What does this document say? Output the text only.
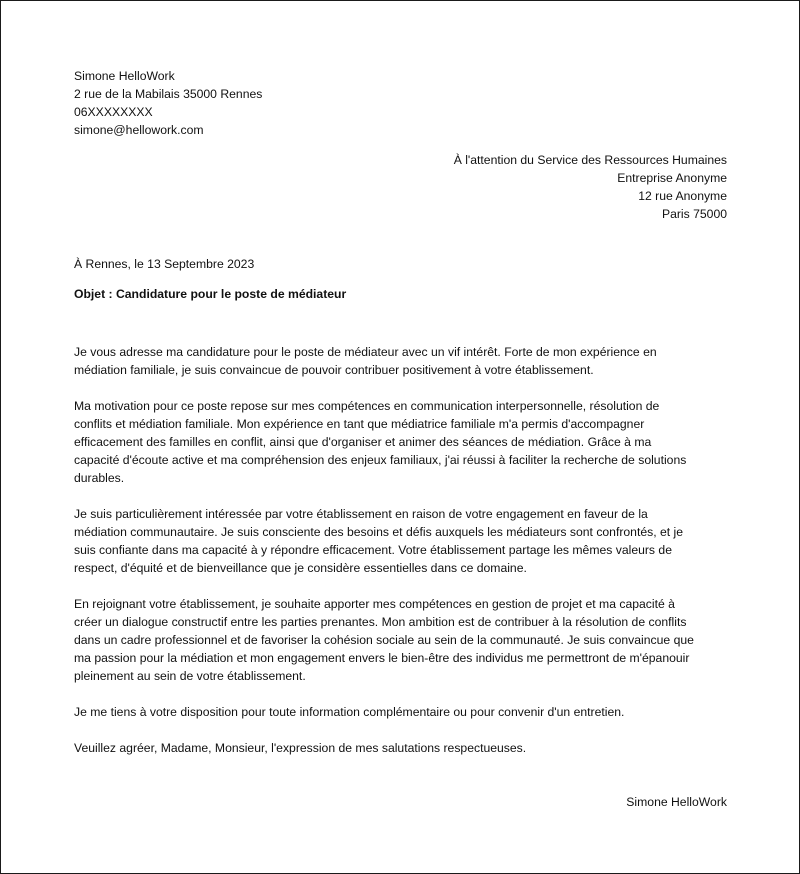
Simone HelloWork
2 rue de la Mabilais 35000 Rennes
06XXXXXXXX
simone@hellowork.com
À l'attention du Service des Ressources Humaines
Entreprise Anonyme
12 rue Anonyme
Paris 75000
À Rennes, le 13 Septembre 2023
Objet : Candidature pour le poste de médiateur

Je vous adresse ma candidature pour le poste de médiateur avec un vif intérêt. Forte de mon expérience en
médiation familiale, je suis convaincue de pouvoir contribuer positivement à votre établissement.

Ma motivation pour ce poste repose sur mes compétences en communication interpersonnelle, résolution de
conflits et médiation familiale. Mon expérience en tant que médiatrice familiale m'a permis d'accompagner
efficacement des familles en conflit, ainsi que d'organiser et animer des séances de médiation. Grâce à ma
capacité d'écoute active et ma compréhension des enjeux familiaux, j'ai réussi à faciliter la recherche de solutions
durables.

Je suis particulièrement intéressée par votre établissement en raison de votre engagement en faveur de la
médiation communautaire. Je suis consciente des besoins et défis auxquels les médiateurs sont confrontés, et je
suis confiante dans ma capacité à y répondre efficacement. Votre établissement partage les mêmes valeurs de
respect, d'équité et de bienveillance que je considère essentielles dans ce domaine.

En rejoignant votre établissement, je souhaite apporter mes compétences en gestion de projet et ma capacité à
créer un dialogue constructif entre les parties prenantes. Mon ambition est de contribuer à la résolution de conflits
dans un cadre professionnel et de favoriser la cohésion sociale au sein de la communauté. Je suis convaincue que
ma passion pour la médiation et mon engagement envers le bien-être des individus me permettront de m'épanouir
pleinement au sein de votre établissement.

Je me tiens à votre disposition pour toute information complémentaire ou pour convenir d'un entretien.

Veuillez agréer, Madame, Monsieur, l'expression de mes salutations respectueuses.

Simone HelloWork
